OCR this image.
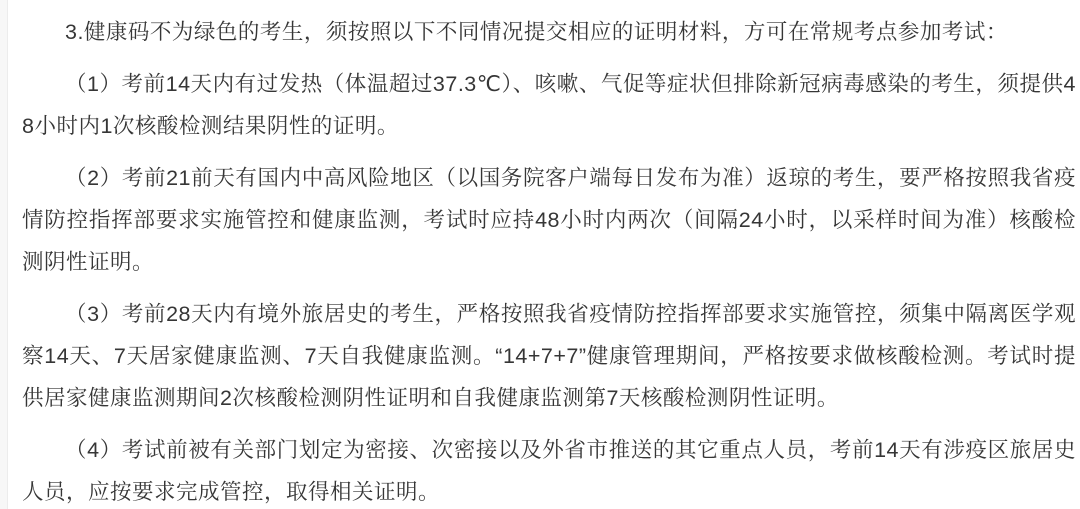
3.健康码不为绿色的考生，须按照以下不同情况提交相应的证明材料，方可在常规考点参加考试：

（1）考前14天内有过发热（体温超过37.3℃）、咳嗽、气促等症状但排除新冠病毒感染的考生，须提供48小时内1次核酸检测结果阴性的证明。

（2）考前21前天有国内中高风险地区（以国务院客户端每日发布为准）返琼的考生，要严格按照我省疫情防控指挥部要求实施管控和健康监测，考试时应持48小时内两次（间隔24小时，以采样时间为准）核酸检测阴性证明。

（3）考前28天内有境外旅居史的考生，严格按照我省疫情防控指挥部要求实施管控，须集中隔离医学观察14天、7天居家健康监测、7天自我健康监测。“14+7+7”健康管理期间，严格按要求做核酸检测。考试时提供居家健康监测期间2次核酸检测阴性证明和自我健康监测第7天核酸检测阴性证明。

（4）考试前被有关部门划定为密接、次密接以及外省市推送的其它重点人员，考前14天有涉疫区旅居史人员，应按要求完成管控，取得相关证明。
